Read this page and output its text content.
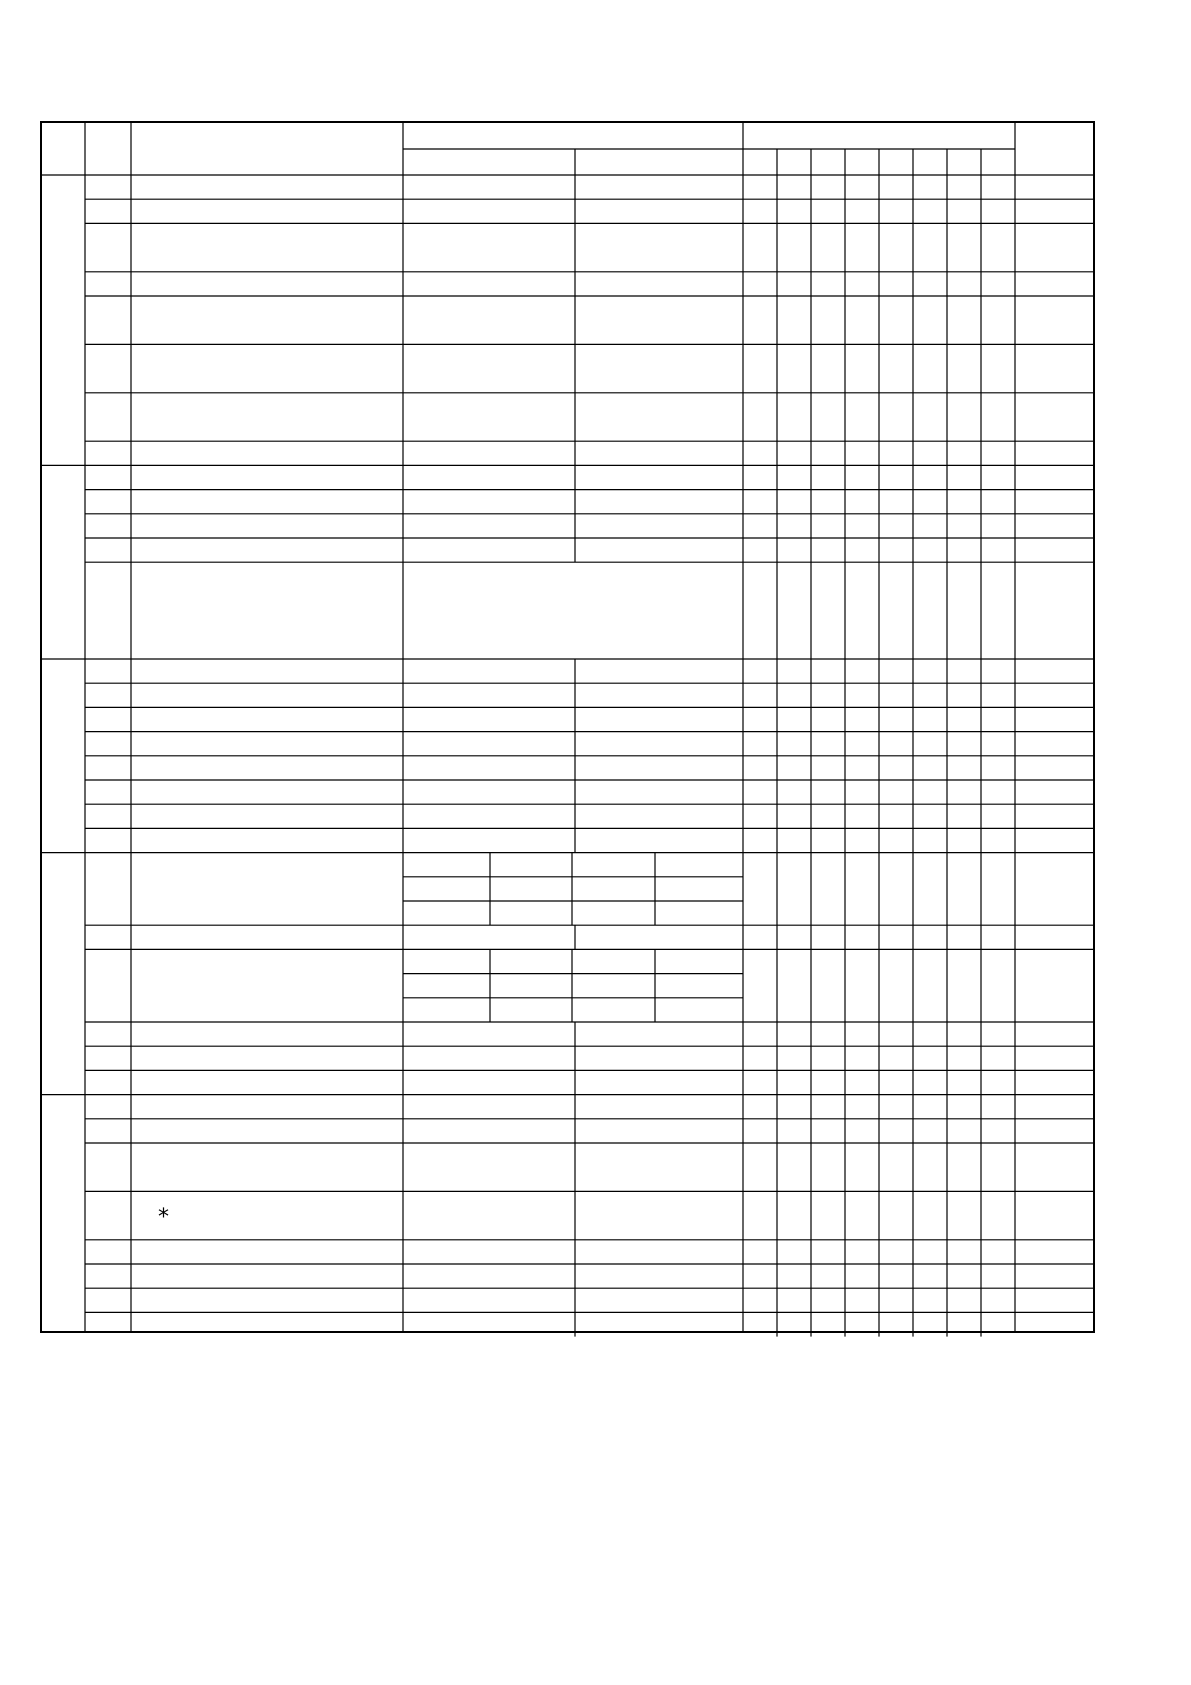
⁎
